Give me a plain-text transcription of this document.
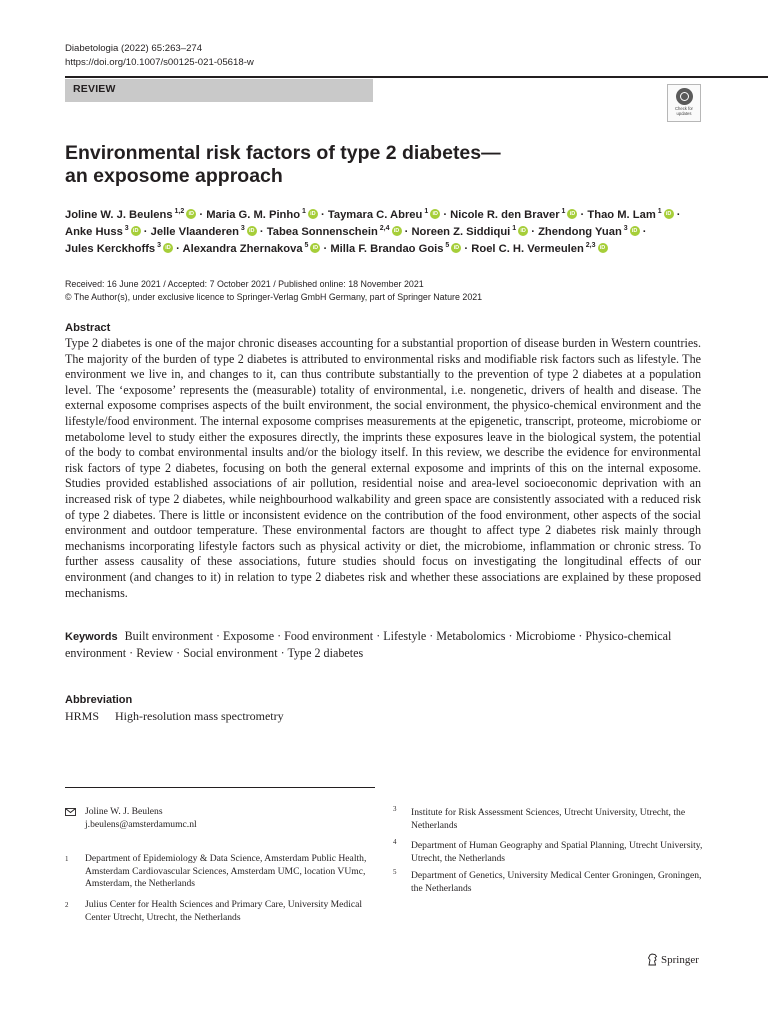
Diabetologia (2022) 65:263–274
https://doi.org/10.1007/s00125-021-05618-w
REVIEW
Check for updates
Environmental risk factors of type 2 diabetes—
an exposome approach
Joline W. J. Beulens $^{1,2}$iD · Maria G. M. Pinho $^1$iD · Taymara C. Abreu $^1$iD · Nicole R. den Braver $^1$iD · Thao M. Lam $^1$iD ·
Anke Huss $^3$iD · Jelle Vlaanderen $^3$iD · Tabea Sonnenschein $^{2,4}$iD · Noreen Z. Siddiqui $^1$iD · Zhendong Yuan $^3$iD ·
Jules Kerckhoffs $^3$iD · Alexandra Zhernakova $^5$iD · Milla F. Brandao Gois $^5$iD · Roel C. H. Vermeulen $^{2,3}$iD
Received: 16 June 2021 / Accepted: 7 October 2021 / Published online: 18 November 2021
© The Author(s), under exclusive licence to Springer-Verlag GmbH Germany, part of Springer Nature 2021
Abstract
Type 2 diabetes is one of the major chronic diseases accounting for a substantial proportion of disease burden in Western countries. The majority of the burden of type 2 diabetes is attributed to environmental risks and modifiable risk factors such as lifestyle. The environment we live in, and changes to it, can thus contribute substantially to the prevention of type 2 diabetes at a population level. The ‘exposome’ represents the (measurable) totality of environmental, i.e. nongenetic, drivers of health and disease. The external exposome comprises aspects of the built environment, the social environment, the physico-chemical environment and the lifestyle/food environment. The internal exposome comprises measurements at the epigenetic, transcript, proteome, microbiome or metabolome level to study either the exposures directly, the imprints these exposures leave in the biological system, the potential of the body to combat environmental insults and/or the biology itself. In this review, we describe the evidence for environmental risk factors of type 2 diabetes, focusing on both the general external exposome and imprints of this on the internal exposome. Studies provided established associations of air pollution, residential noise and area-level socioeconomic deprivation with an increased risk of type 2 diabetes, while neighbourhood walkability and green space are consistently associated with a reduced risk of type 2 diabetes. There is little or inconsistent evidence on the contribution of the food environment, other aspects of the social environment and outdoor temperature. These environmental factors are thought to affect type 2 diabetes risk mainly through mechanisms incorporating lifestyle factors such as physical activity or diet, the microbiome, inflammation or chronic stress. To further assess causality of these associations, future studies should focus on investigating the longitudinal effects of our environment (and changes to it) in relation to type 2 diabetes risk and whether these associations are explained by these proposed mechanisms.
Keywords Built environment · Exposome · Food environment · Lifestyle · Metabolomics · Microbiome · Physico-chemical environment · Review · Social environment · Type 2 diabetes
Abbreviation
HRMS High-resolution mass spectrometry
Joline W. J. Beulens
j.beulens@amsterdamumc.nl
1 Department of Epidemiology & Data Science, Amsterdam Public Health, Amsterdam Cardiovascular Sciences, Amsterdam UMC, location VUmc, Amsterdam, the Netherlands
2 Julius Center for Health Sciences and Primary Care, University Medical Center Utrecht, Utrecht, the Netherlands
3 Institute for Risk Assessment Sciences, Utrecht University, Utrecht, the Netherlands
4 Department of Human Geography and Spatial Planning, Utrecht University, Utrecht, the Netherlands
5 Department of Genetics, University Medical Center Groningen, Groningen, the Netherlands
Springer
